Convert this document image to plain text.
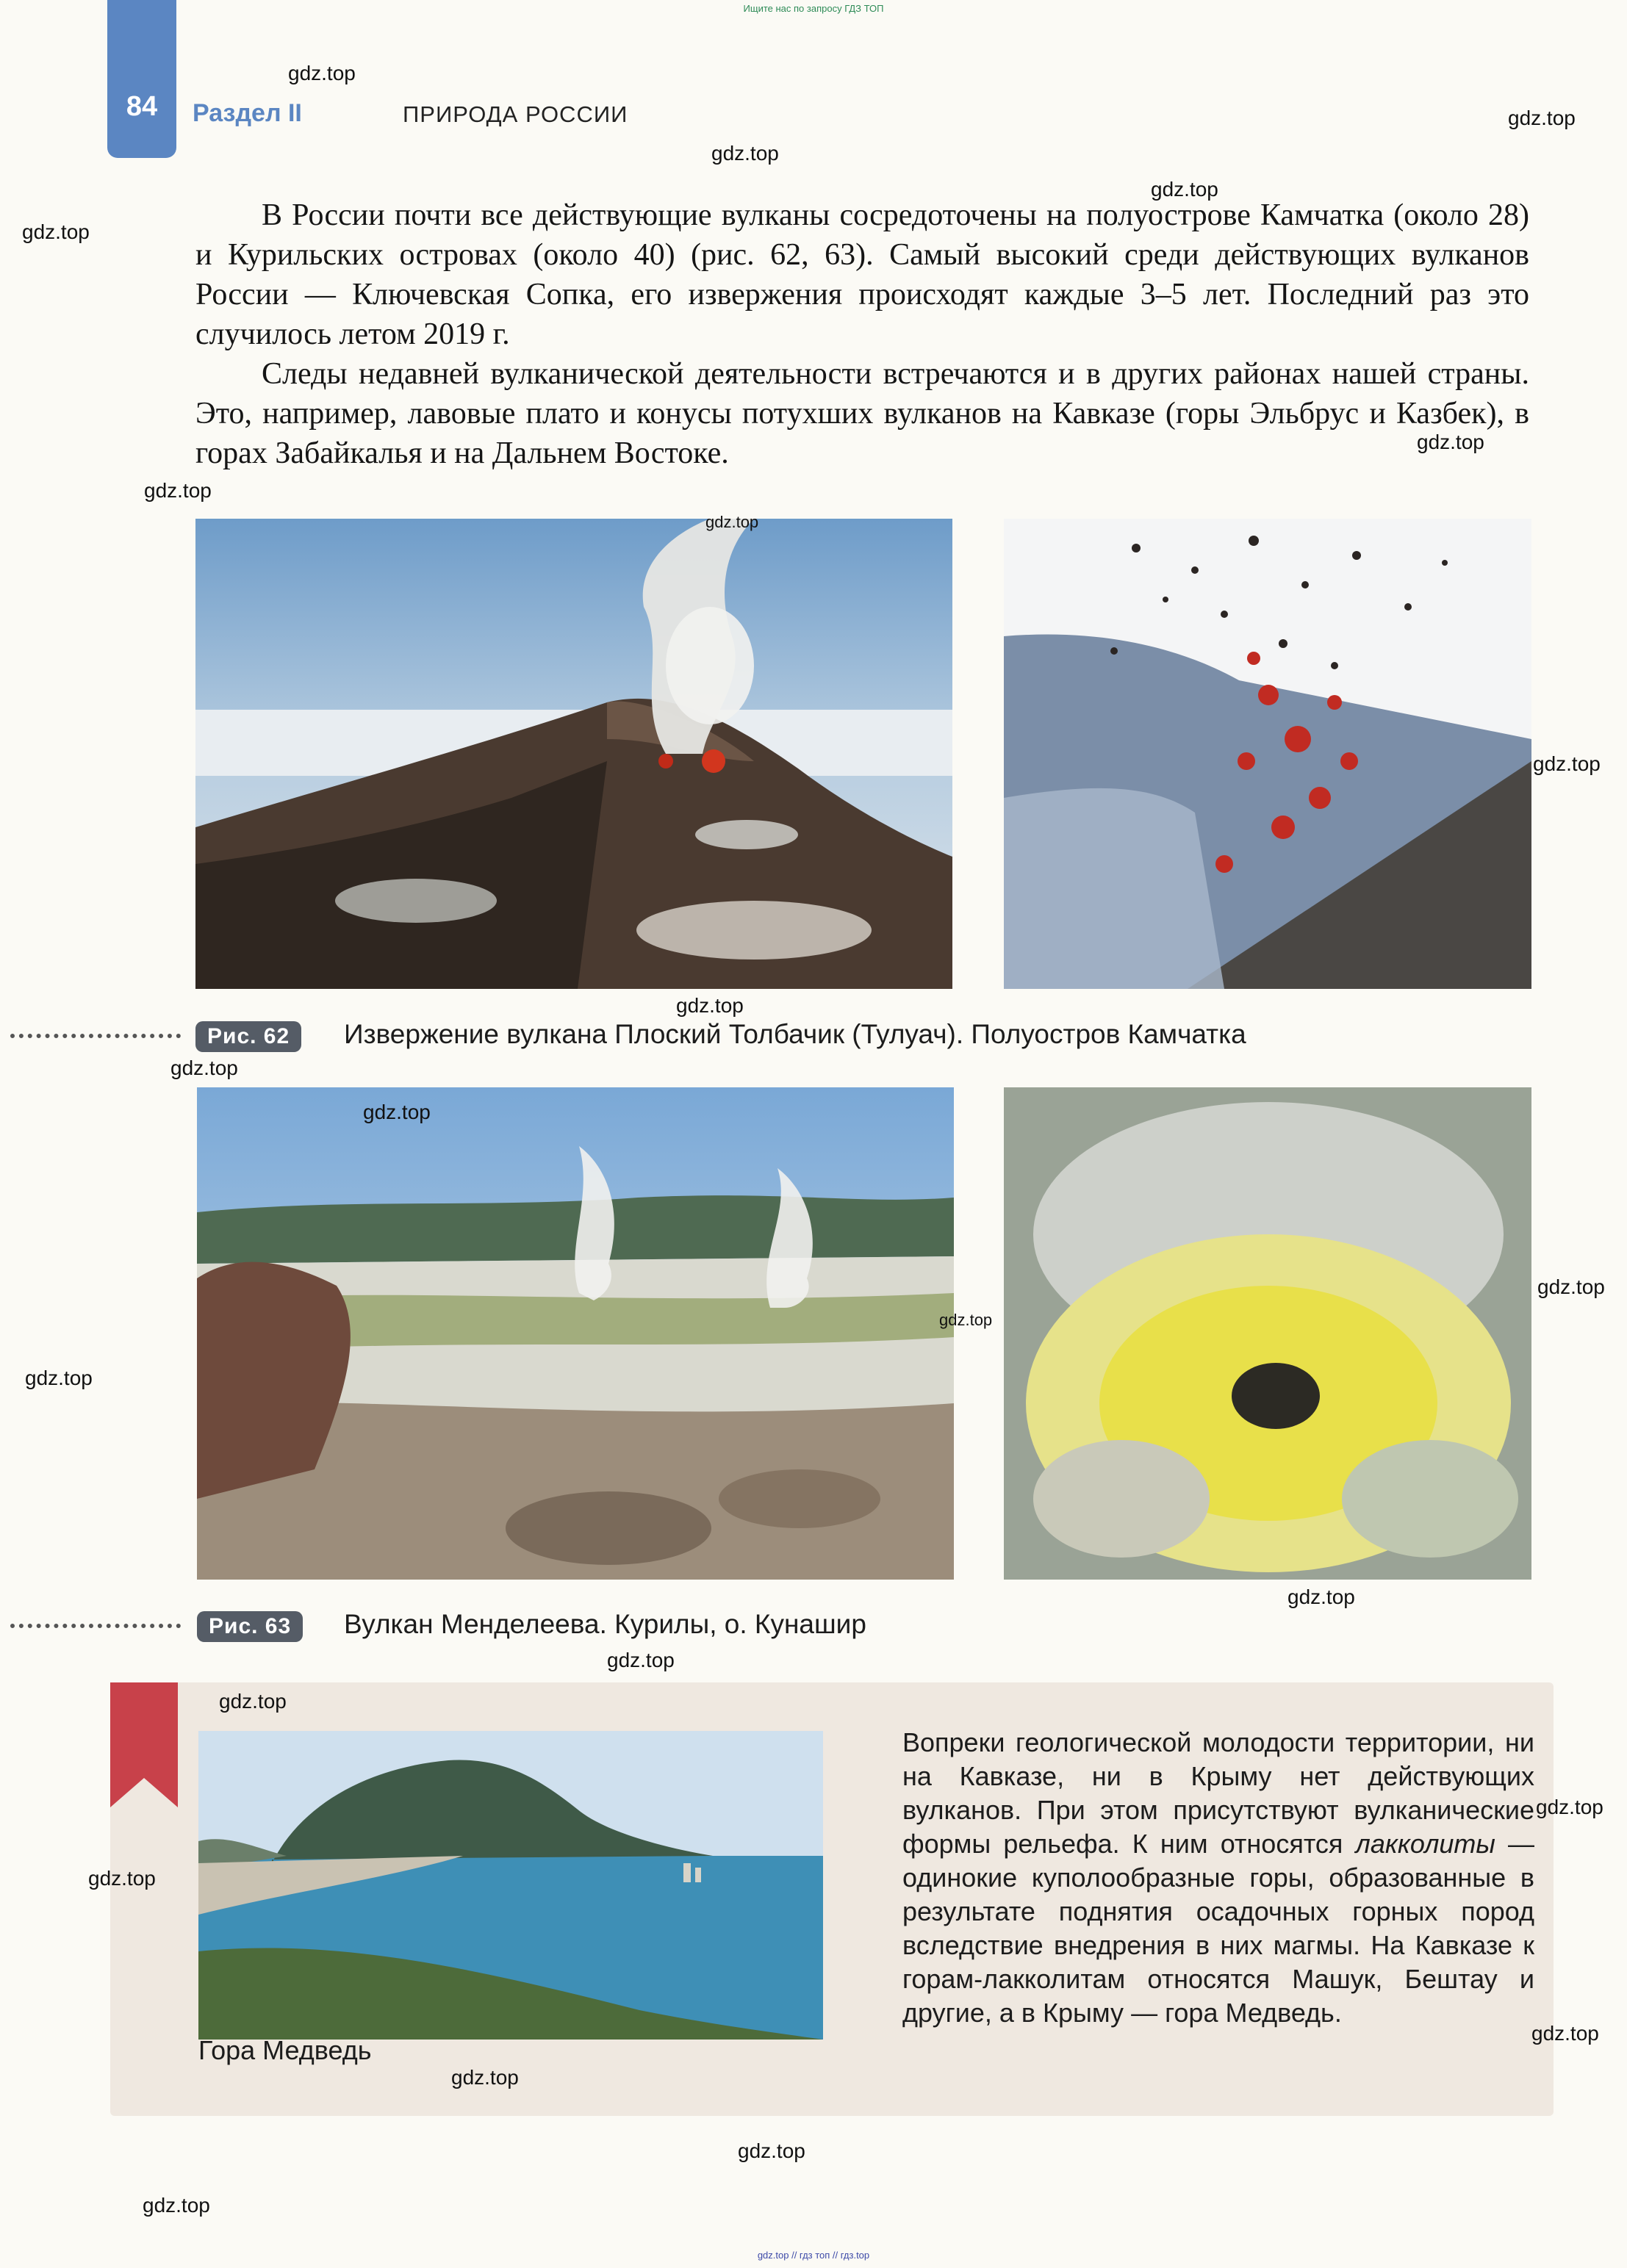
Ищите нас по запросу ГДЗ ТОП
84	Раздел II	ПРИРОДА РОССИИ
В России почти все действующие вулканы сосредоточены на полуострове Камчатка (около 28) и Курильских островах (около 40) (рис. 62, 63). Самый высокий среди действующих вулканов России — Ключевская Сопка, его извержения происходят каждые 3–5 лет. Последний раз это случилось летом 2019 г.
Следы недавней вулканической деятельности встречаются и в других районах нашей страны. Это, например, лавовые плато и конусы потухших вулканов на Кавказе (горы Эльбрус и Казбек), в горах Забайкалья и на Дальнем Востоке.
Рис. 62	Извержение вулкана Плоский Толбачик (Тулуач). Полуостров Камчатка
Рис. 63	Вулкан Менделеева. Курилы, о. Кунашир
Гора Медведь
Вопреки геологической молодости территории, ни на Кавказе, ни в Крыму нет действующих вулканов. При этом присутствуют вулканические формы рельефа. К ним относятся лакколиты — одинокие куполообразные горы, образованные в результате поднятия осадочных горных пород вследствие внедрения в них магмы. На Кавказе к горам-лакколитам относятся Машук, Бештау и другие, а в Крыму — гора Медведь.
gdz.top
gdz.top
gdz.top
gdz.top
gdz.top
gdz.top
gdz.top
gdz.top
gdz.top
gdz.top
gdz.top
gdz.top
gdz.top
gdz.top
gdz.top
gdz.top
gdz.top
gdz.top
gdz.top
gdz.top
gdz.top
gdz.top
gdz.top
gdz.top
gdz.top // гдз топ // гдз.top
